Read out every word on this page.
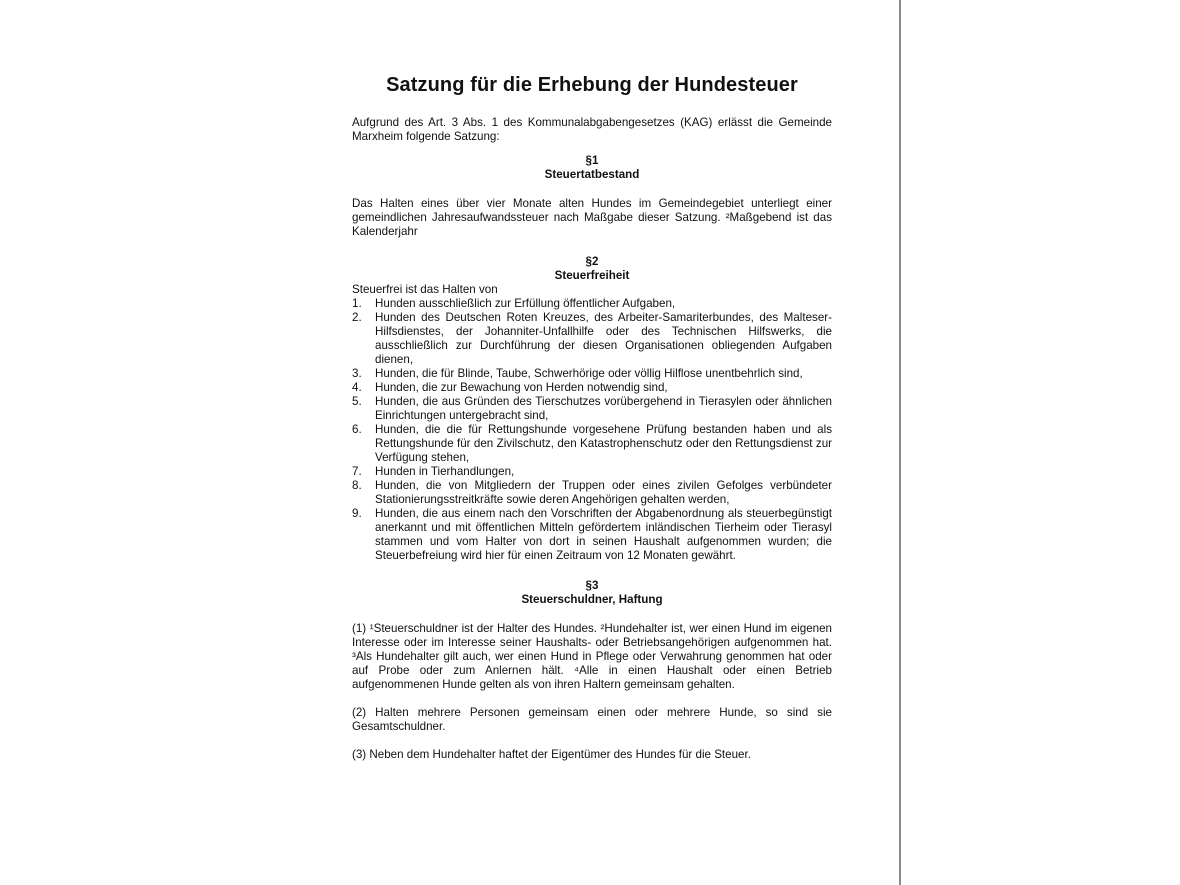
Satzung für die Erhebung der Hundesteuer

Aufgrund des Art. 3 Abs. 1 des Kommunalabgabengesetzes (KAG) erlässt die Gemeinde Marxheim folgende Satzung:

§1

Steuertatbestand

Das Halten eines über vier Monate alten Hundes im Gemeindegebiet unterliegt einer gemeindlichen Jahresaufwandssteuer nach Maßgabe dieser Satzung. ²Maßgebend ist das Kalenderjahr

§2

Steuerfreiheit

Steuerfrei ist das Halten von

1. Hunden ausschließlich zur Erfüllung öffentlicher Aufgaben,
2. Hunden des Deutschen Roten Kreuzes, des Arbeiter-Samariterbundes, des Malteser-Hilfsdienstes, der Johanniter-Unfallhilfe oder des Technischen Hilfswerks, die ausschließlich zur Durchführung der diesen Organisationen obliegenden Aufgaben dienen,
3. Hunden, die für Blinde, Taube, Schwerhörige oder völlig Hilflose unentbehrlich sind,
4. Hunden, die zur Bewachung von Herden notwendig sind,
5. Hunden, die aus Gründen des Tierschutzes vorübergehend in Tierasylen oder ähnlichen Einrichtungen untergebracht sind,
6. Hunden, die die für Rettungshunde vorgesehene Prüfung bestanden haben und als Rettungshunde für den Zivilschutz, den Katastrophenschutz oder den Rettungsdienst zur Verfügung stehen,
7. Hunden in Tierhandlungen,
8. Hunden, die von Mitgliedern der Truppen oder eines zivilen Gefolges verbündeter Stationierungsstreitkräfte sowie deren Angehörigen gehalten werden,
9. Hunden, die aus einem nach den Vorschriften der Abgabenordnung als steuerbegünstigt anerkannt und mit öffentlichen Mitteln gefördertem inländischen Tierheim oder Tierasyl stammen und vom Halter von dort in seinen Haushalt aufgenommen wurden; die Steuerbefreiung wird hier für einen Zeitraum von 12 Monaten gewährt.

§3

Steuerschuldner, Haftung

(1) ¹Steuerschuldner ist der Halter des Hundes. ²Hundehalter ist, wer einen Hund im eigenen Interesse oder im Interesse seiner Haushalts- oder Betriebsangehörigen aufgenommen hat. ³Als Hundehalter gilt auch, wer einen Hund in Pflege oder Verwahrung genommen hat oder auf Probe oder zum Anlernen hält. ⁴Alle in einen Haushalt oder einen Betrieb aufgenommenen Hunde gelten als von ihren Haltern gemeinsam gehalten.

(2) Halten mehrere Personen gemeinsam einen oder mehrere Hunde, so sind sie Gesamtschuldner.

(3) Neben dem Hundehalter haftet der Eigentümer des Hundes für die Steuer.
